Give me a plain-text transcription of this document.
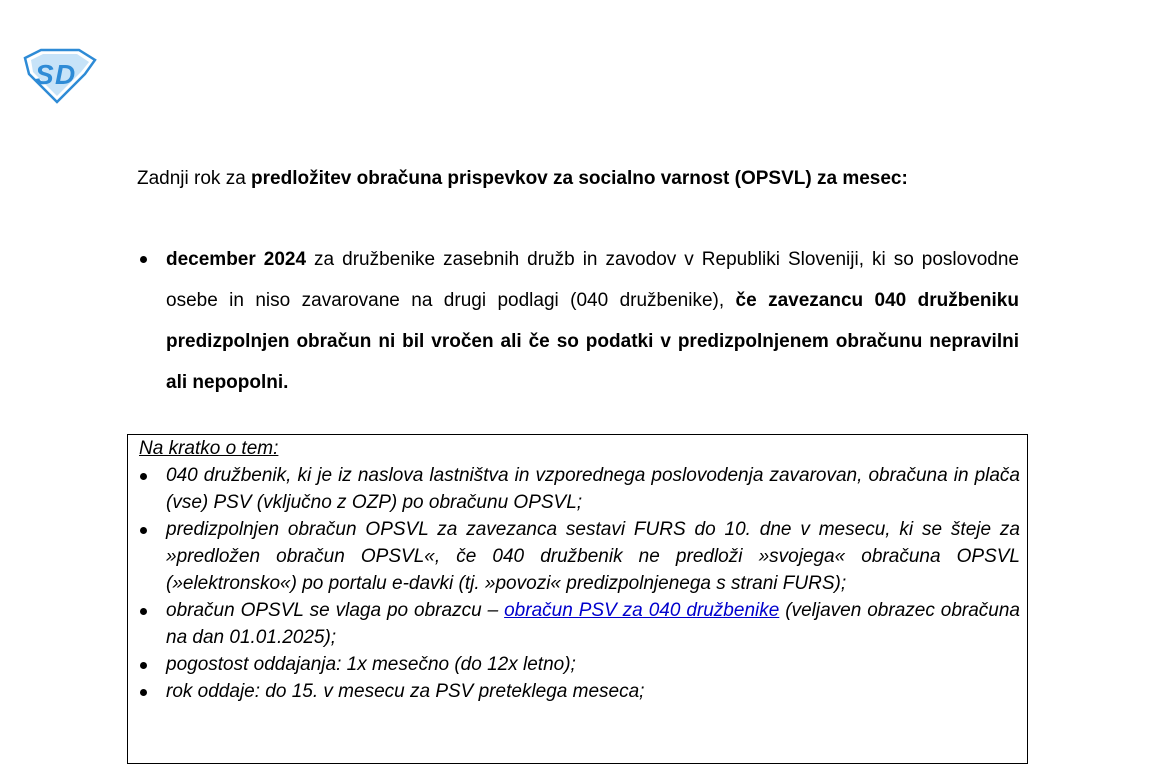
S D

Zadnji rok za predložitev obračuna prispevkov za socialno varnost (OPSVL) za mesec:

december 2024 za družbenike zasebnih družb in zavodov v Republiki Sloveniji, ki so poslovodne osebe in niso zavarovane na drugi podlagi (040 družbenike), če zavezancu 040 družbeniku predizpolnjen obračun ni bil vročen ali če so podatki v predizpolnjenem obračunu nepravilni ali nepopolni.
Na kratko o tem:
040 družbenik, ki je iz naslova lastništva in vzporednega poslovodenja zavarovan, obračuna in plača (vse) PSV (vključno z OZP) po obračunu OPSVL;
predizpolnjen obračun OPSVL za zavezanca sestavi FURS do 10. dne v mesecu, ki se šteje za »predložen obračun OPSVL«, če 040 družbenik ne predloži »svojega« obračuna OPSVL (»elektronsko«) po portalu e-davki (tj. »povozi« predizpolnjenega s strani FURS);
obračun OPSVL se vlaga po obrazcu – obračun PSV za 040 družbenike (veljaven obrazec obračuna na dan 01.01.2025);
pogostost oddajanja: 1x mesečno (do 12x letno);
rok oddaje: do 15. v mesecu za PSV preteklega meseca;
